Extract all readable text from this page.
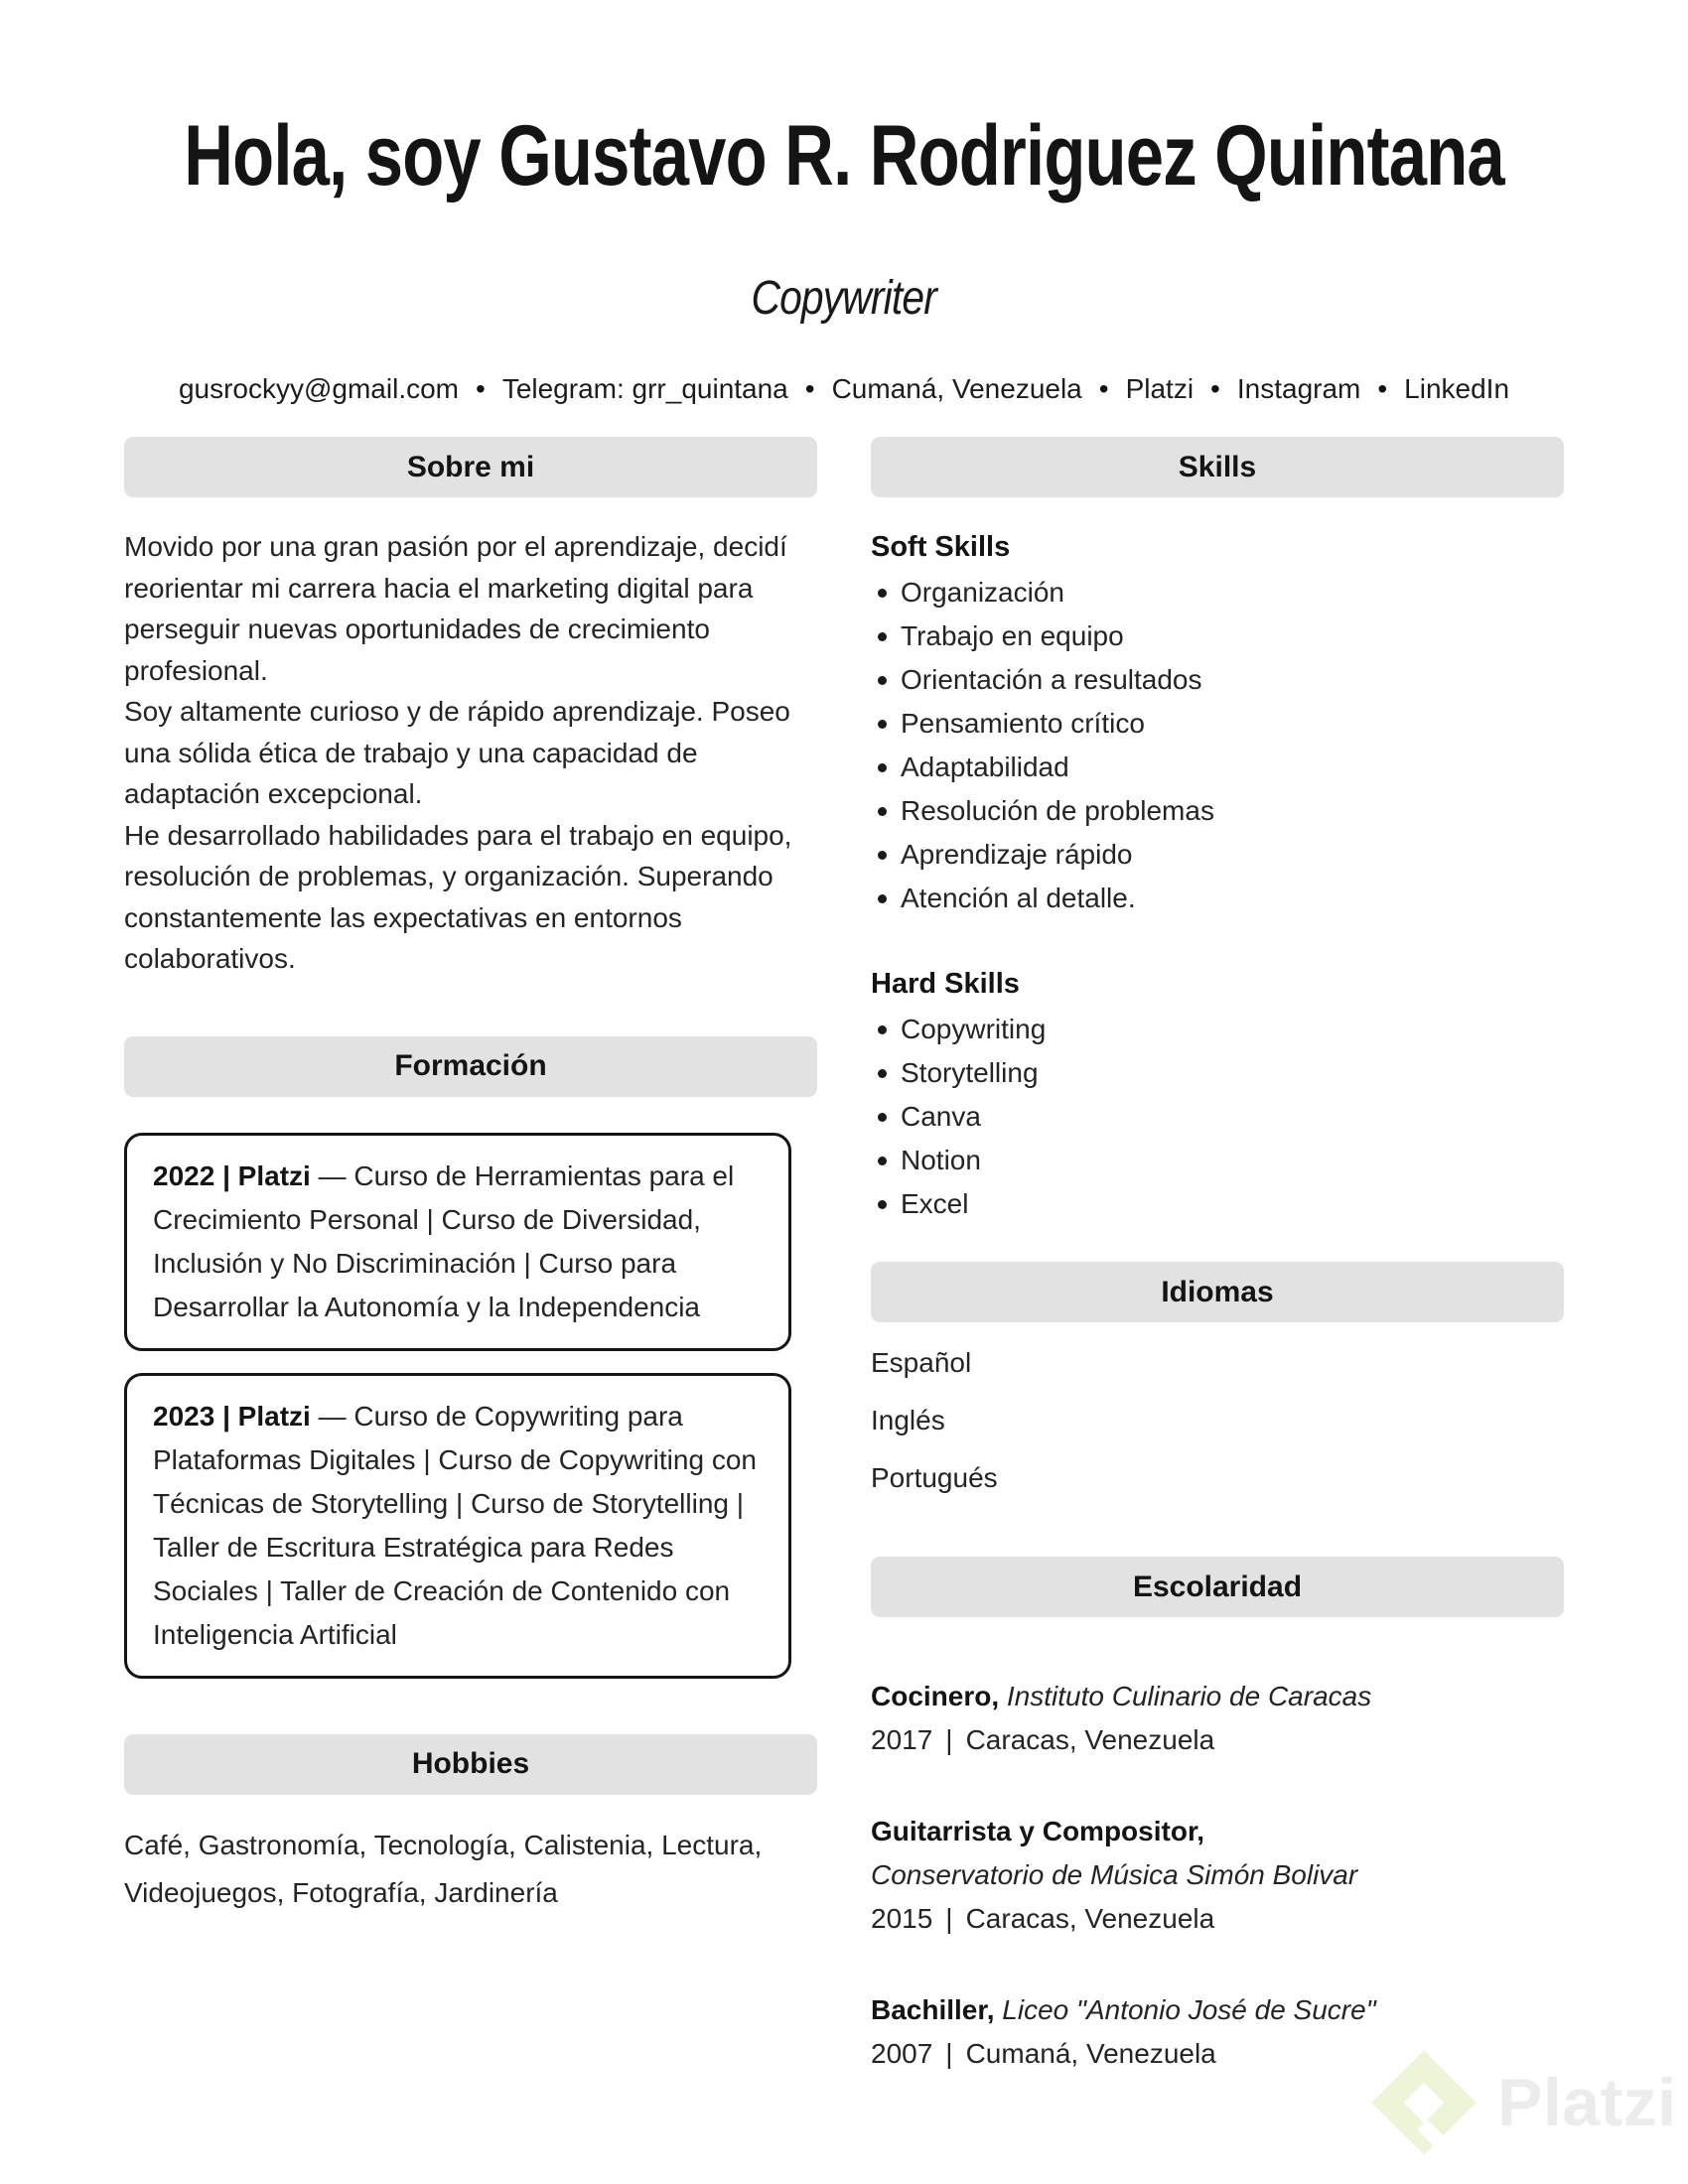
Hola, soy Gustavo R. Rodriguez Quintana
Copywriter
gusrockyy@gmail.com • Telegram: grr_quintana • Cumaná, Venezuela • Platzi • Instagram • LinkedIn
Sobre mi
Movido por una gran pasión por el aprendizaje, decidí reorientar mi carrera hacia el marketing digital para perseguir nuevas oportunidades de crecimiento profesional.
Soy altamente curioso y de rápido aprendizaje. Poseo una sólida ética de trabajo y una capacidad de adaptación excepcional.
He desarrollado habilidades para el trabajo en equipo, resolución de problemas, y organización. Superando constantemente las expectativas en entornos colaborativos.
Formación
2022 | Platzi — Curso de Herramientas para el Crecimiento Personal | Curso de Diversidad, Inclusión y No Discriminación | Curso para Desarrollar la Autonomía y la Independencia
2023 | Platzi — Curso de Copywriting para Plataformas Digitales | Curso de Copywriting con Técnicas de Storytelling | Curso de Storytelling | Taller de Escritura Estratégica para Redes Sociales | Taller de Creación de Contenido con Inteligencia Artificial
Hobbies
Café, Gastronomía, Tecnología, Calistenia, Lectura, Videojuegos, Fotografía, Jardinería
Skills
Soft Skills
Organización
Trabajo en equipo
Orientación a resultados
Pensamiento crítico
Adaptabilidad
Resolución de problemas
Aprendizaje rápido
Atención al detalle.
Hard Skills
Copywriting
Storytelling
Canva
Notion
Excel
Idiomas
Español
Inglés
Portugués
Escolaridad
Cocinero, Instituto Culinario de Caracas
2017 | Caracas, Venezuela
Guitarrista y Compositor,
Conservatorio de Música Simón Bolivar
2015 | Caracas, Venezuela
Bachiller, Liceo "Antonio José de Sucre"
2007 | Cumaná, Venezuela
Platzi
